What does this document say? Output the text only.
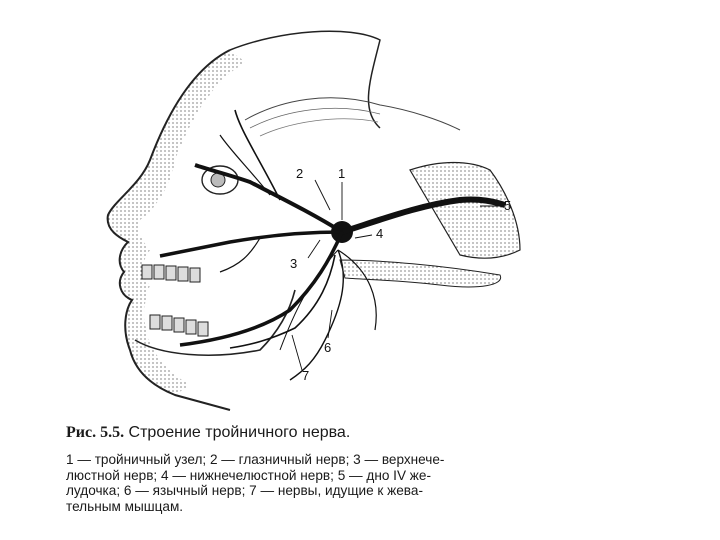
2	1
3
4
5
6
7

Рис. 5.5. Строение тройничного нерва.

1 — тройничный узел; 2 — глазничный нерв; 3 — верхнече-
люстной нерв; 4 — нижнечелюстной нерв; 5 — дно IV же-
лудочка; 6 — язычный нерв; 7 — нервы, идущие к жева-
тельным мышцам.
